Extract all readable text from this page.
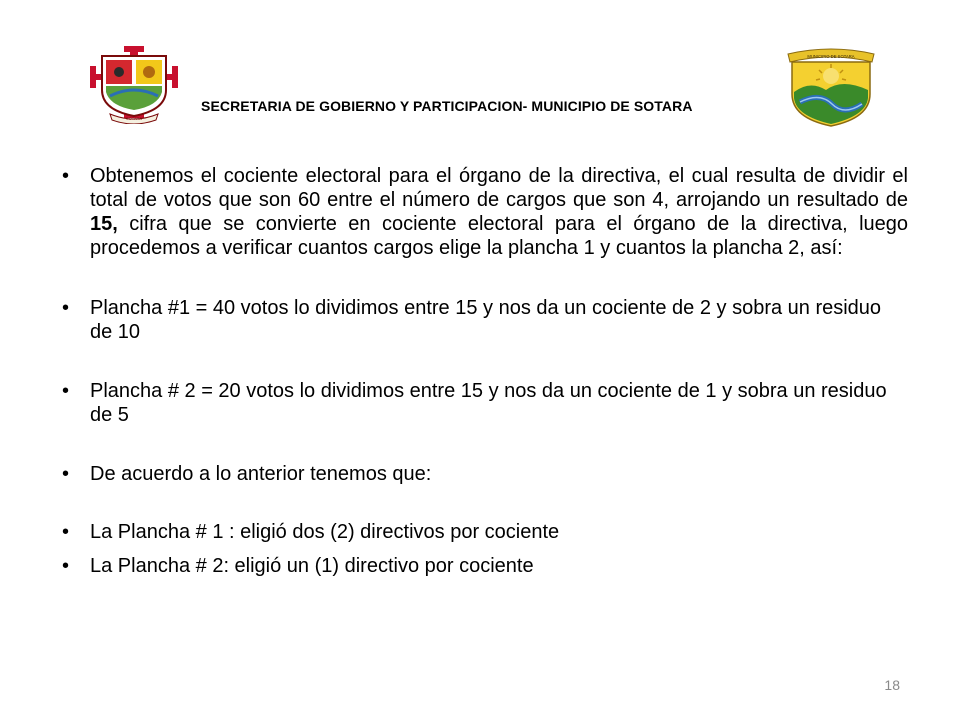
SOTARA
SECRETARIA DE GOBIERNO Y PARTICIPACION- MUNICIPIO DE SOTARA
MUNICIPIO DE SOTARA
• Obtenemos el cociente electoral para el órgano de la directiva, el cual resulta de dividir el total de votos que son 60 entre el número de cargos que son 4, arrojando un resultado de 15, cifra que se convierte en cociente electoral para el órgano de la directiva, luego procedemos a verificar cuantos cargos elige la plancha 1 y cuantos la plancha 2, así:
• Plancha #1 = 40 votos lo dividimos entre 15 y nos da un cociente de 2 y sobra un residuo de 10
• Plancha # 2 = 20 votos lo dividimos entre 15 y nos da un cociente de 1 y sobra un residuo de 5
• De acuerdo a lo anterior tenemos que:
• La Plancha # 1 : eligió dos (2) directivos por cociente
• La Plancha # 2: eligió un (1) directivo por cociente
18
